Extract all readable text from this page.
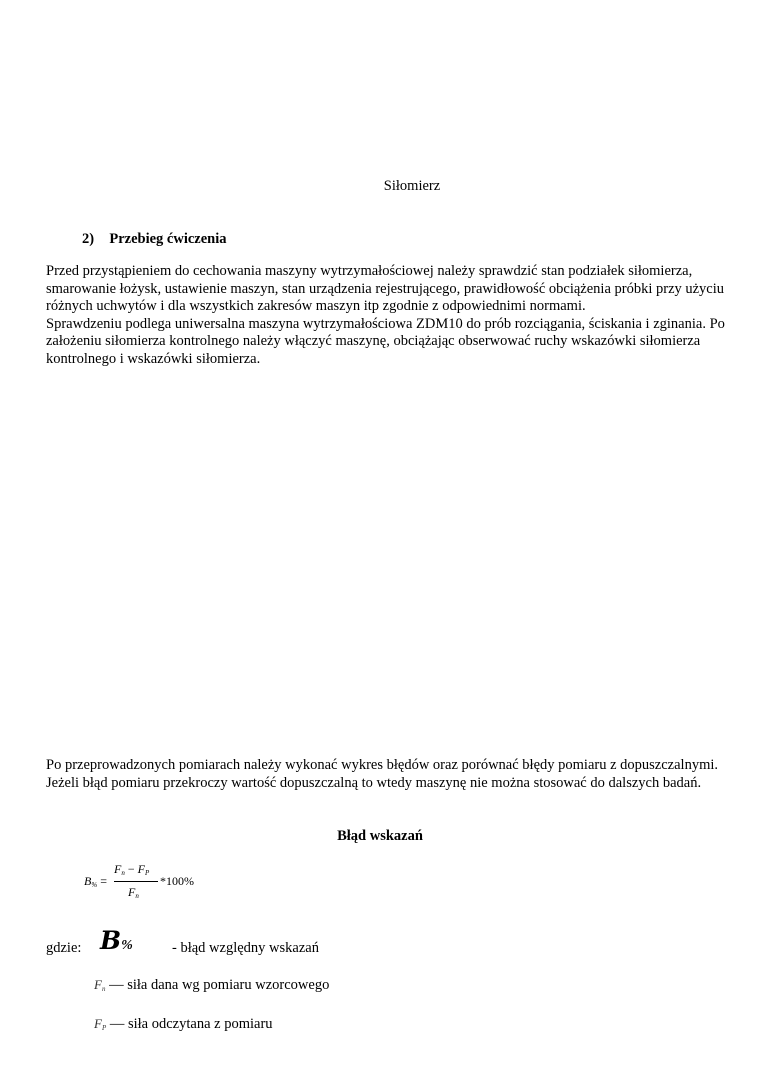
Siłomierz
2) Przebieg ćwiczenia

Przed przystąpieniem do cechowania maszyny wytrzymałościowej należy sprawdzić stan podziałek siłomierza, smarowanie łożysk, ustawienie maszyn, stan urządzenia rejestrującego, prawidłowość obciążenia próbki przy użyciu różnych uchwytów i dla wszystkich zakresów maszyn itp zgodnie z odpowiednimi normami.

Sprawdzeniu podlega uniwersalna maszyna wytrzymałościowa ZDM10 do prób rozciągania, ściskania i zginania. Po założeniu siłomierza kontrolnego należy włączyć maszynę, obciążając obserwować ruchy wskazówki siłomierza kontrolnego i wskazówki siłomierza.

Po przeprowadzonych pomiarach należy wykonać wykres błędów oraz porównać błędy pomiaru z dopuszczalnymi. Jeżeli błąd pomiaru przekroczy wartość dopuszczalną to wtedy maszynę nie można stosować do dalszych badań.

Błąd wskazań
$B_{\%}$ =
$F_n - F_P$
$F_n$
*100%
gdzie: B%	- błąd względny wskazań
$F_n$ — siła dana wg pomiaru wzorcowego
$F_P$ — siła odczytana z pomiaru
